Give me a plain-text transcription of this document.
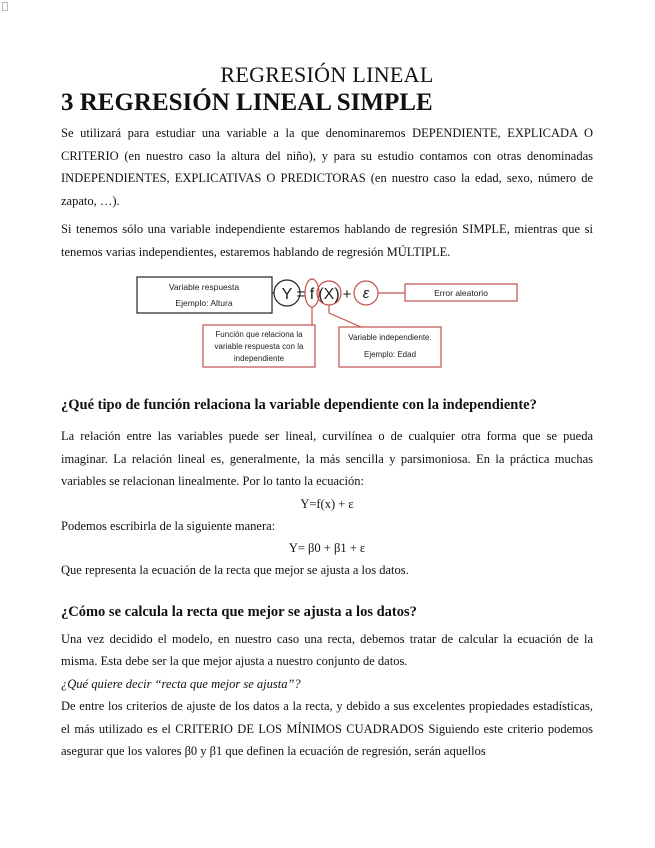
REGRESIÓN LINEAL
3 REGRESIÓN LINEAL SIMPLE

Se utilizará para estudiar una variable a la que denominaremos DEPENDIENTE, EXPLICADA O CRITERIO (en nuestro caso la altura del niño), y para su estudio contamos con otras denominadas INDEPENDIENTES, EXPLICATIVAS O PREDICTORAS (en nuestro caso la edad, sexo, número de zapato, …).

Si tenemos sólo una variable independiente estaremos hablando de regresión SIMPLE, mientras que si tenemos varias independientes, estaremos hablando de regresión MÚLTIPLE.

Variable respuesta
Ejemplo: Altura	Y = f (X) + ε	Error aleatorio
Función que relaciona la
variable respuesta con la
independiente
Variable independiente.
Ejemplo: Edad
¿Qué tipo de función relaciona la variable dependiente con la independiente?

La relación entre las variables puede ser lineal, curvilínea o de cualquier otra forma que se pueda imaginar. La relación lineal es, generalmente, la más sencilla y parsimoniosa. En la práctica muchas variables se relacionan linealmente. Por lo tanto la ecuación:

Y=f(x) + ε

Podemos escribirla de la siguiente manera:

Y= β0 + β1 + ε

Que representa la ecuación de la recta que mejor se ajusta a los datos.

¿Cómo se calcula la recta que mejor se ajusta a los datos?

Una vez decidido el modelo, en nuestro caso una recta, debemos tratar de calcular la ecuación de la misma. Esta debe ser la que mejor ajusta a nuestro conjunto de datos.

¿Qué quiere decir “recta que mejor se ajusta”?

De entre los criterios de ajuste de los datos a la recta, y debido a sus excelentes propiedades estadísticas, el más utilizado es el CRITERIO DE LOS MÍNIMOS CUADRADOS Siguiendo este criterio podemos asegurar que los valores β0 y β1 que definen la ecuación de regresión, serán aquellos
